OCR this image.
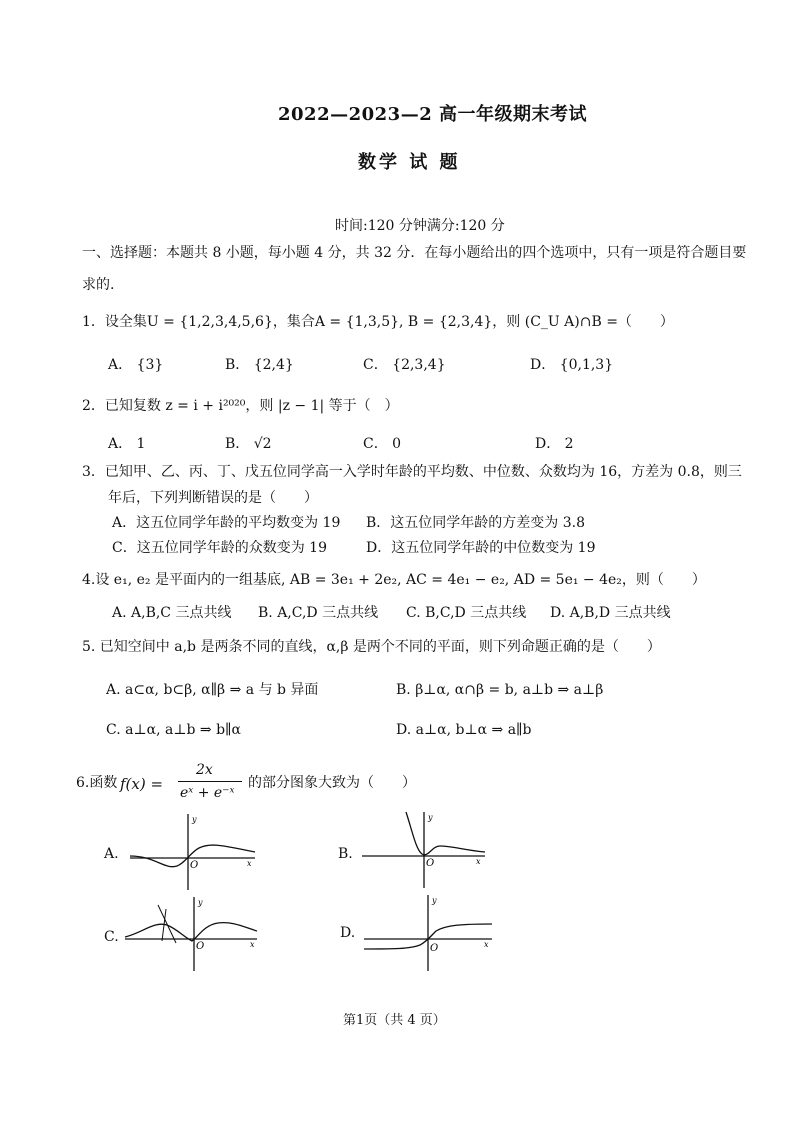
2022—2023—2 高一年级期末考试
数学 试 题
时间:120 分钟满分:120 分
一、选择题：本题共 8 小题，每小题 4 分，共 32 分．在每小题给出的四个选项中，只有一项是符合题目要
求的.
1．设全集U = {1,2,3,4,5,6}，集合A = {1,3,5}, B = {2,3,4}，则 (C_U A)∩B =（　　）
A． {3}	B． {2,4}	C． {2,3,4}	D． {0,1,3}
2．已知复数 z = i + i²⁰²⁰，则 |z − 1| 等于（　）
A． 1	B． √2	C． 0	D． 2
3．已知甲、乙、丙、丁、戊五位同学高一入学时年龄的平均数、中位数、众数均为 16，方差为 0.8，则三
年后，下列判断错误的是（　　）
A．这五位同学年龄的平均数变为 19 B．这五位同学年龄的方差变为 3.8
C．这五位同学年龄的众数变为 19	D．这五位同学年龄的中位数变为 19
4.设 e₁, e₂ 是平面内的一组基底, AB = 3e₁ + 2e₂, AC = 4e₁ − e₂, AD = 5e₁ − 4e₂，则（　　）
A. A,B,C 三点共线 B. A,C,D 三点共线 C. B,C,D 三点共线 D. A,B,D 三点共线
5. 已知空间中 a,b 是两条不同的直线，α,β 是两个不同的平面，则下列命题正确的是（　　）
A. a⊂α, b⊂β, α∥β ⇒ a 与 b 异面	B. β⊥α, α∩β = b, a⊥b ⇒ a⊥β
C. a⊥α, a⊥b ⇒ b∥α	D. a⊥α, b⊥α ⇒ a∥b
6.函数 f(x) =
2x
eˣ + e⁻ˣ
的部分图象大致为（　　）
A.	B.
C.	D.
y
x
O
y
x
O
y
x
O
y
x
O
第1页（共 4 页）
